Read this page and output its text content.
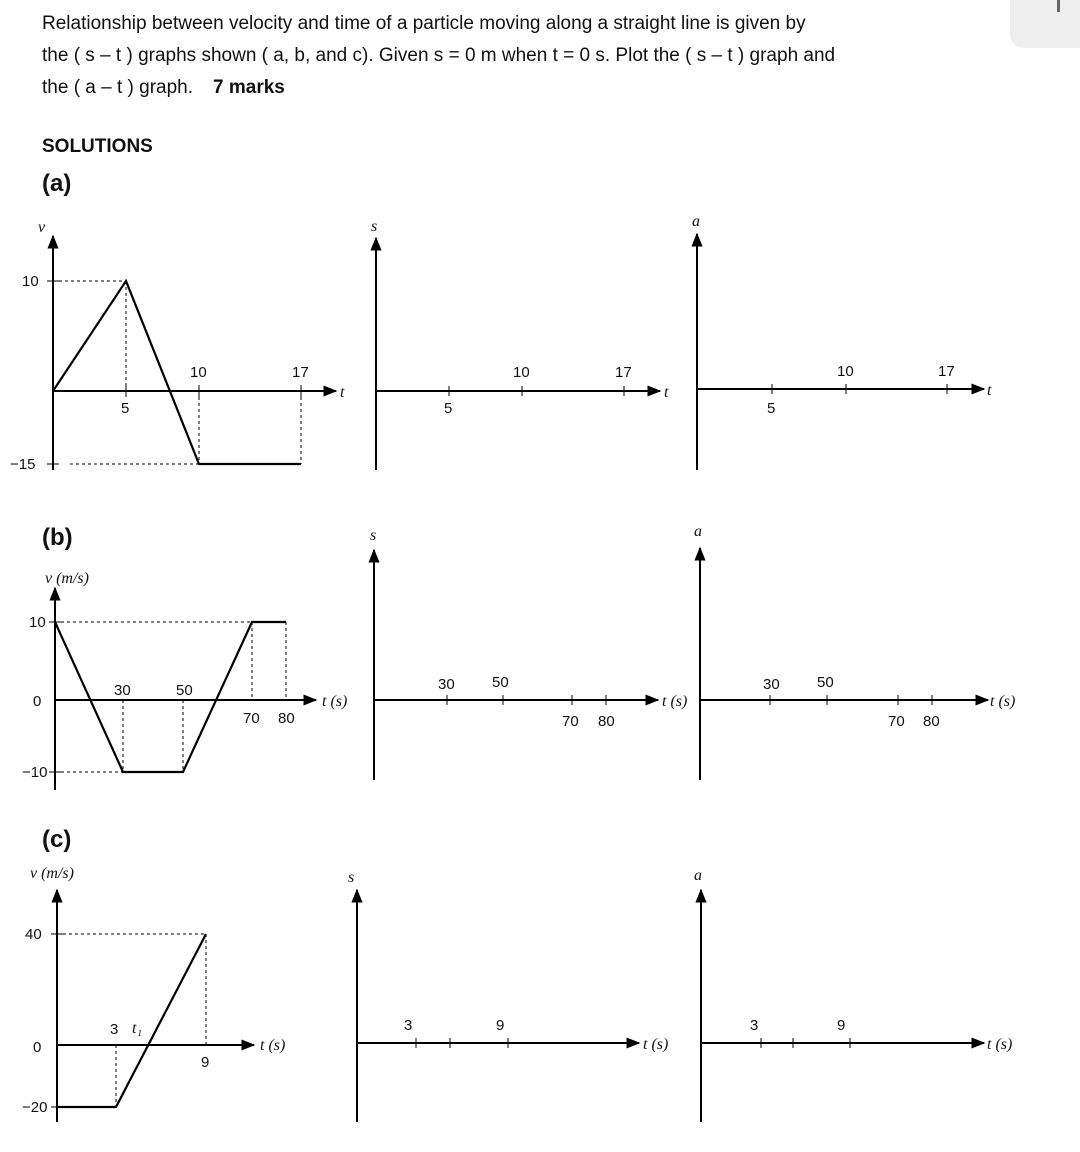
Relationship between velocity and time of a particle moving along a straight line is given by
the ( s – t ) graphs shown ( a, b, and c). Given s = 0 m when t = 0 s. Plot the ( s – t ) graph and
the ( a – t ) graph. 7 marks
SOLUTIONS
(a)
(b)
(c)
v
t
10
−15
5
10	17
s
t
5
10	17
a
t
5
10	17
v (m/s)
t (s)
10
0
−10
30	50
70 80
s
t (s)
30 50
70 80
a
t (s)
30 50
70 80
v (m/s)
t (s)
40
0
−20
3 t₁
9
s
t (s)
3	9
a
t (s)
3	9
